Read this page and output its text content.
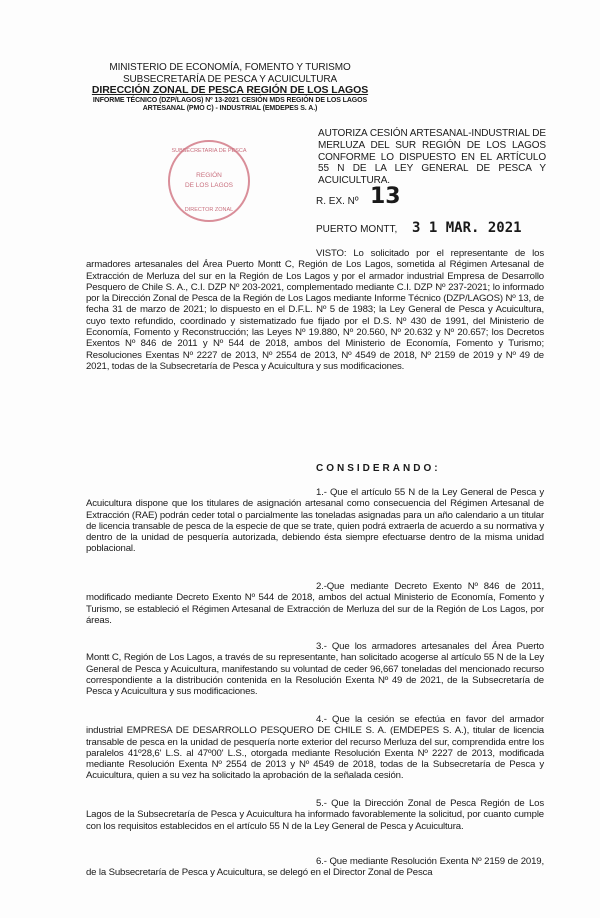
MINISTERIO DE ECONOMÍA, FOMENTO Y TURISMO
SUBSECRETARÍA DE PESCA Y ACUICULTURA
DIRECCIÓN ZONAL DE PESCA REGIÓN DE LOS LAGOS
INFORME TÉCNICO (DZP/LAGOS) Nº 13-2021 CESIÓN MDS REGIÓN DE LOS LAGOS
ARTESANAL (PMO C) - INDUSTRIAL (EMDEPES S. A.)
SUBSECRETARIA DE PESCA
REGIÓN
DE LOS LAGOS
DIRECTOR ZONAL
AUTORIZA CESIÓN ARTESANAL-INDUSTRIAL DE MERLUZA DEL SUR REGIÓN DE LOS LAGOS CONFORME LO DISPUESTO EN EL ARTÍCULO 55 N DE LA LEY GENERAL DE PESCA Y ACUICULTURA.
R. EX. Nº 13
PUERTO MONTT, 3 1 MAR. 2021
VISTO: Lo solicitado por el representante de los armadores artesanales del Área Puerto Montt C, Región de Los Lagos, sometida al Régimen Artesanal de Extracción de Merluza del sur en la Región de Los Lagos y por el armador industrial Empresa de Desarrollo Pesquero de Chile S. A., C.I. DZP Nº 203-2021, complementado mediante C.I. DZP Nº 237-2021; lo informado por la Dirección Zonal de Pesca de la Región de Los Lagos mediante Informe Técnico (DZP/LAGOS) Nº 13, de fecha 31 de marzo de 2021; lo dispuesto en el D.F.L. Nº 5 de 1983; la Ley General de Pesca y Acuicultura, cuyo texto refundido, coordinado y sistematizado fue fijado por el D.S. Nº 430 de 1991, del Ministerio de Economía, Fomento y Reconstrucción; las Leyes Nº 19.880, Nº 20.560, Nº 20.632 y Nº 20.657; los Decretos Exentos Nº 846 de 2011 y Nº 544 de 2018, ambos del Ministerio de Economía, Fomento y Turismo; Resoluciones Exentas Nº 2227 de 2013, Nº 2554 de 2013, Nº 4549 de 2018, Nº 2159 de 2019 y Nº 49 de 2021, todas de la Subsecretaría de Pesca y Acuicultura y sus modificaciones.
CONSIDERANDO:
1.- Que el artículo 55 N de la Ley General de Pesca y Acuicultura dispone que los titulares de asignación artesanal como consecuencia del Régimen Artesanal de Extracción (RAE) podrán ceder total o parcialmente las toneladas asignadas para un año calendario a un titular de licencia transable de pesca de la especie de que se trate, quien podrá extraerla de acuerdo a su normativa y dentro de la unidad de pesquería autorizada, debiendo ésta siempre efectuarse dentro de la misma unidad poblacional.
2.-Que mediante Decreto Exento Nº 846 de 2011, modificado mediante Decreto Exento Nº 544 de 2018, ambos del actual Ministerio de Economía, Fomento y Turismo, se estableció el Régimen Artesanal de Extracción de Merluza del sur de la Región de Los Lagos, por áreas.
3.- Que los armadores artesanales del Área Puerto Montt C, Región de Los Lagos, a través de su representante, han solicitado acogerse al artículo 55 N de la Ley General de Pesca y Acuicultura, manifestando su voluntad de ceder 96,667 toneladas del mencionado recurso correspondiente a la distribución contenida en la Resolución Exenta Nº 49 de 2021, de la Subsecretaría de Pesca y Acuicultura y sus modificaciones.
4.- Que la cesión se efectúa en favor del armador industrial EMPRESA DE DESARROLLO PESQUERO DE CHILE S. A. (EMDEPES S. A.), titular de licencia transable de pesca en la unidad de pesquería norte exterior del recurso Merluza del sur, comprendida entre los paralelos 41º28,6' L.S. al 47º00' L.S., otorgada mediante Resolución Exenta Nº 2227 de 2013, modificada mediante Resolución Exenta Nº 2554 de 2013 y Nº 4549 de 2018, todas de la Subsecretaría de Pesca y Acuicultura, quien a su vez ha solicitado la aprobación de la señalada cesión.
5.- Que la Dirección Zonal de Pesca Región de Los Lagos de la Subsecretaría de Pesca y Acuicultura ha informado favorablemente la solicitud, por cuanto cumple con los requisitos establecidos en el artículo 55 N de la Ley General de Pesca y Acuicultura.
6.- Que mediante Resolución Exenta Nº 2159 de 2019, de la Subsecretaría de Pesca y Acuicultura, se delegó en el Director Zonal de Pesca
